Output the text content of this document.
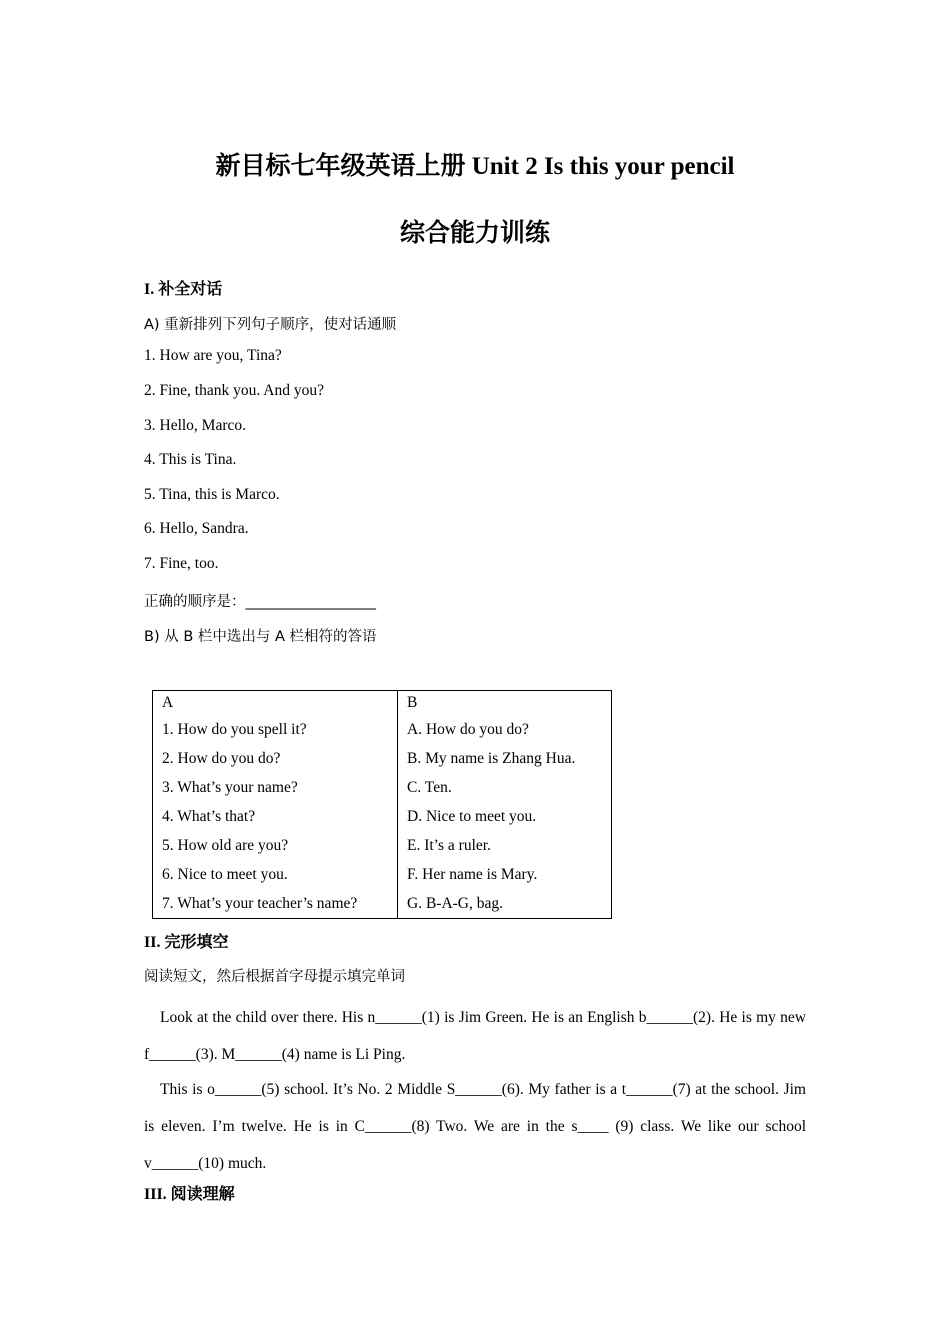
新目标七年级英语上册 Unit 2 Is this your pencil
综合能力训练
I. 补全对话
A) 重新排列下列句子顺序，使对话通顺
1. How are you, Tina?
2. Fine, thank you. And you?
3. Hello, Marco.
4. This is Tina.
5. Tina, this is Marco.
6. Hello, Sandra.
7. Fine, too.
正确的顺序是：__________________
B) 从 B 栏中选出与 A 栏相符的答语
A	B
1. How do you spell it?	A. How do you do?
2. How do you do?	B. My name is Zhang Hua.
3. What’s your name?	C. Ten.
4. What’s that?	D. Nice to meet you.
5. How old are you?	E. It’s a ruler.
6. Nice to meet you.	F. Her name is Mary.
7. What’s your teacher’s name?	G. B-A-G, bag.
II. 完形填空
阅读短文，然后根据首字母提示填完单词
Look at the child over there. His n______(1) is Jim Green. He is an English b______(2). He is my new f______(3). M______(4) name is Li Ping.
This is o______(5) school. It’s No. 2 Middle S______(6). My father is a t______(7) at the school. Jim is eleven. I’m twelve. He is in C______(8) Two. We are in the s____ (9) class. We like our school v______(10) much.
III. 阅读理解
